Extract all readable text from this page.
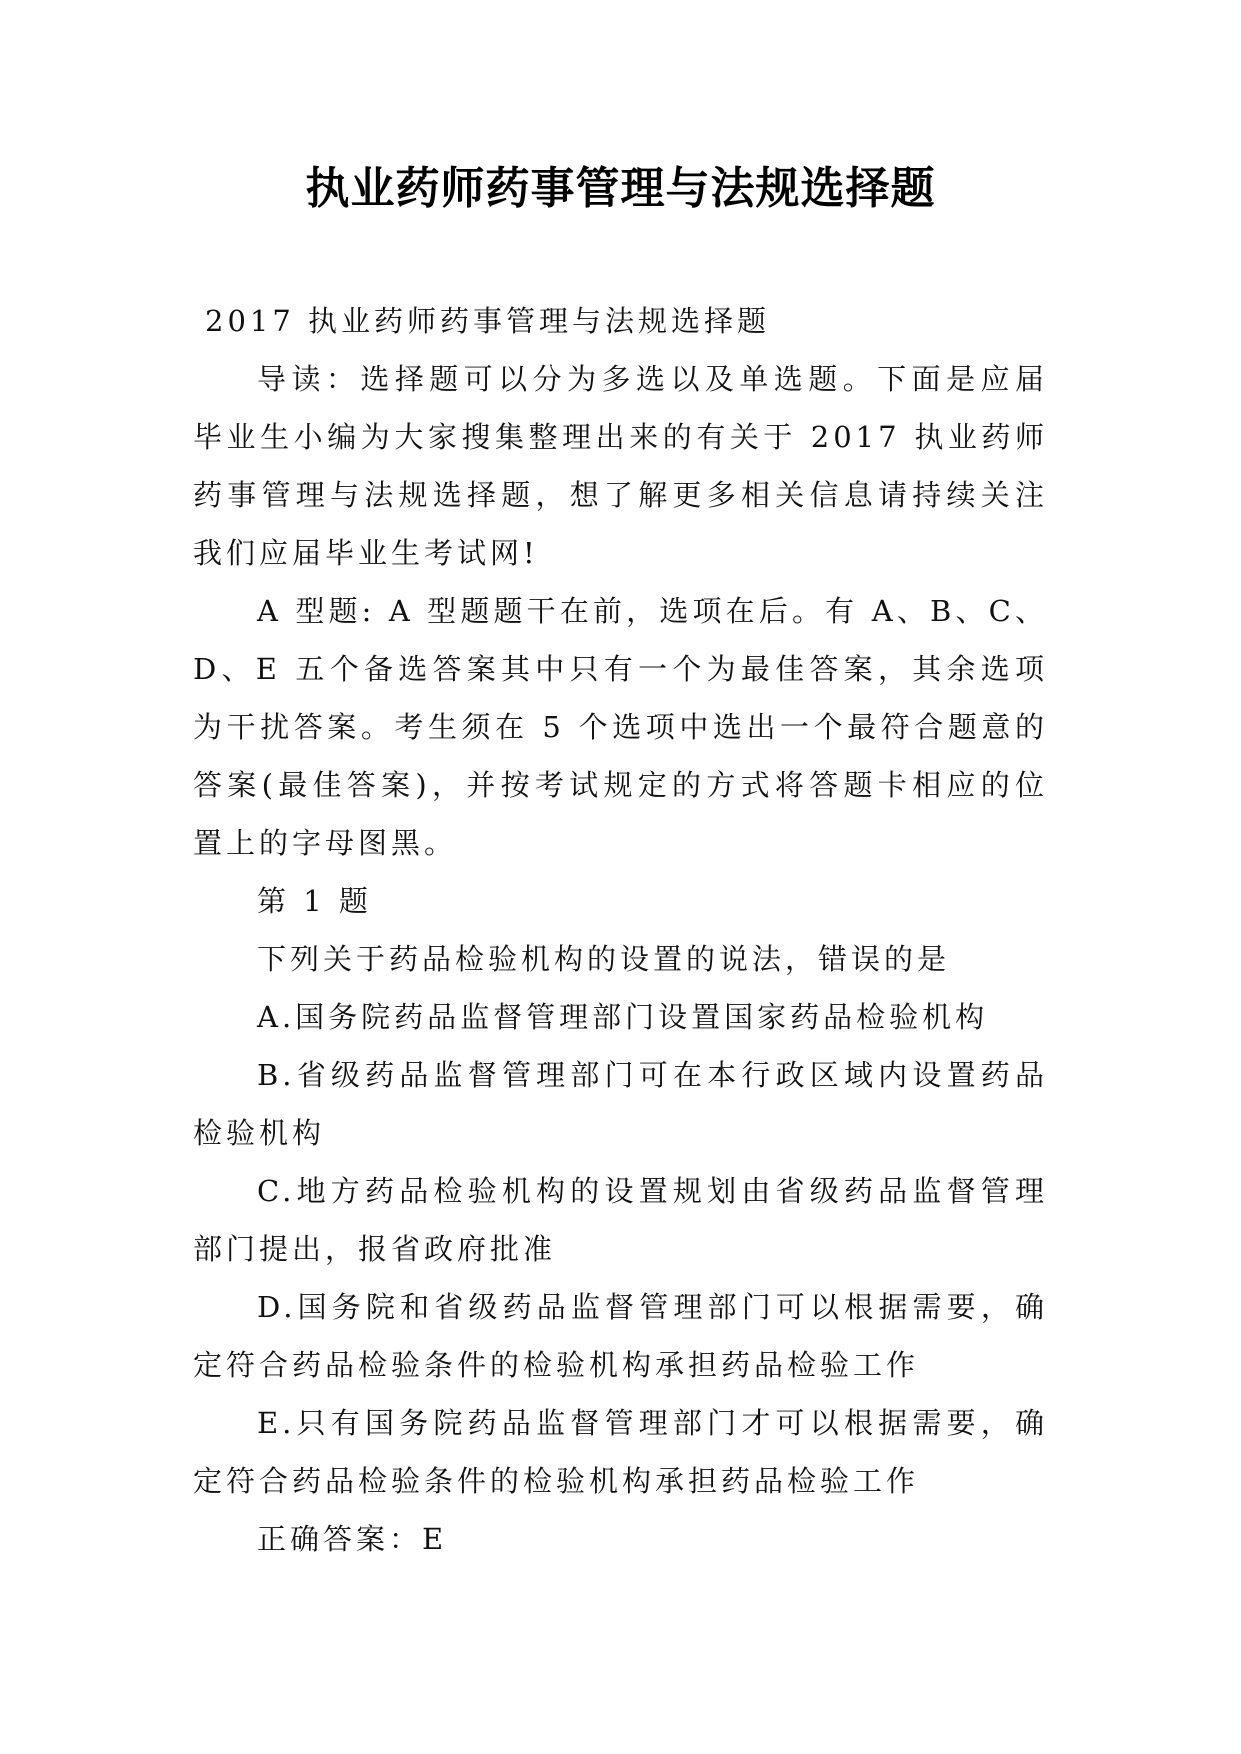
执业药师药事管理与法规选择题

2017 执业药师药事管理与法规选择题

导读：选择题可以分为多选以及单选题。下面是应届毕业生小编为大家搜集整理出来的有关于 2017 执业药师药事管理与法规选择题，想了解更多相关信息请持续关注我们应届毕业生考试网!

A 型题: A 型题题干在前，选项在后。有 A、B、C、D、E 五个备选答案其中只有一个为最佳答案，其余选项为干扰答案。考生须在 5 个选项中选出一个最符合题意的答案(最佳答案)，并按考试规定的方式将答题卡相应的位置上的字母图黑。

第 1 题

下列关于药品检验机构的设置的说法，错误的是

A.国务院药品监督管理部门设置国家药品检验机构

B.省级药品监督管理部门可在本行政区域内设置药品检验机构

C.地方药品检验机构的设置规划由省级药品监督管理部门提出，报省政府批准

D.国务院和省级药品监督管理部门可以根据需要，确定符合药品检验条件的检验机构承担药品检验工作

E.只有国务院药品监督管理部门才可以根据需要，确定符合药品检验条件的检验机构承担药品检验工作

正确答案：E
